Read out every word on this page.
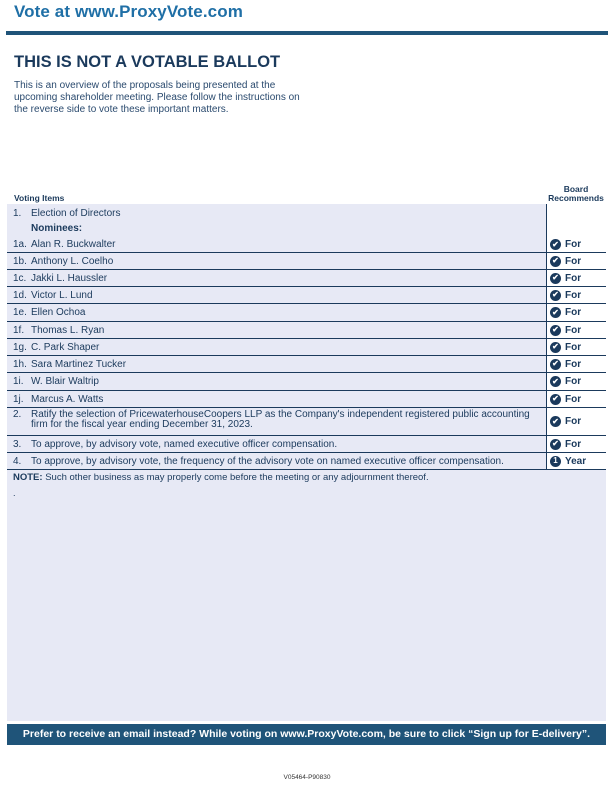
Vote at www.ProxyVote.com
THIS IS NOT A VOTABLE BALLOT
This is an overview of the proposals being presented at the upcoming shareholder meeting. Please follow the instructions on the reverse side to vote these important matters.
Voting Items
Board
Recommends
1. Election of Directors
Nominees:
1a. Alan R. Buckwalter	✔ For
1b. Anthony L. Coelho	✔ For
1c. Jakki L. Haussler	✔ For
1d. Victor L. Lund	✔ For
1e. Ellen Ochoa	✔ For
1f. Thomas L. Ryan	✔ For
1g. C. Park Shaper	✔ For
1h. Sara Martinez Tucker	✔ For
1i. W. Blair Waltrip	✔ For
1j. Marcus A. Watts	✔ For
2. Ratify the selection of PricewaterhouseCoopers LLP as the Company's independent registered public accounting firm for the fiscal year ending December 31, 2023.	✔ For
3. To approve, by advisory vote, named executive officer compensation.	✔ For
4. To approve, by advisory vote, the frequency of the advisory vote on named executive officer compensation.	1 Year
NOTE: Such other business as may properly come before the meeting or any adjournment thereof.
.
Prefer to receive an email instead? While voting on www.ProxyVote.com, be sure to click “Sign up for E-delivery”.
V05464-P90830
